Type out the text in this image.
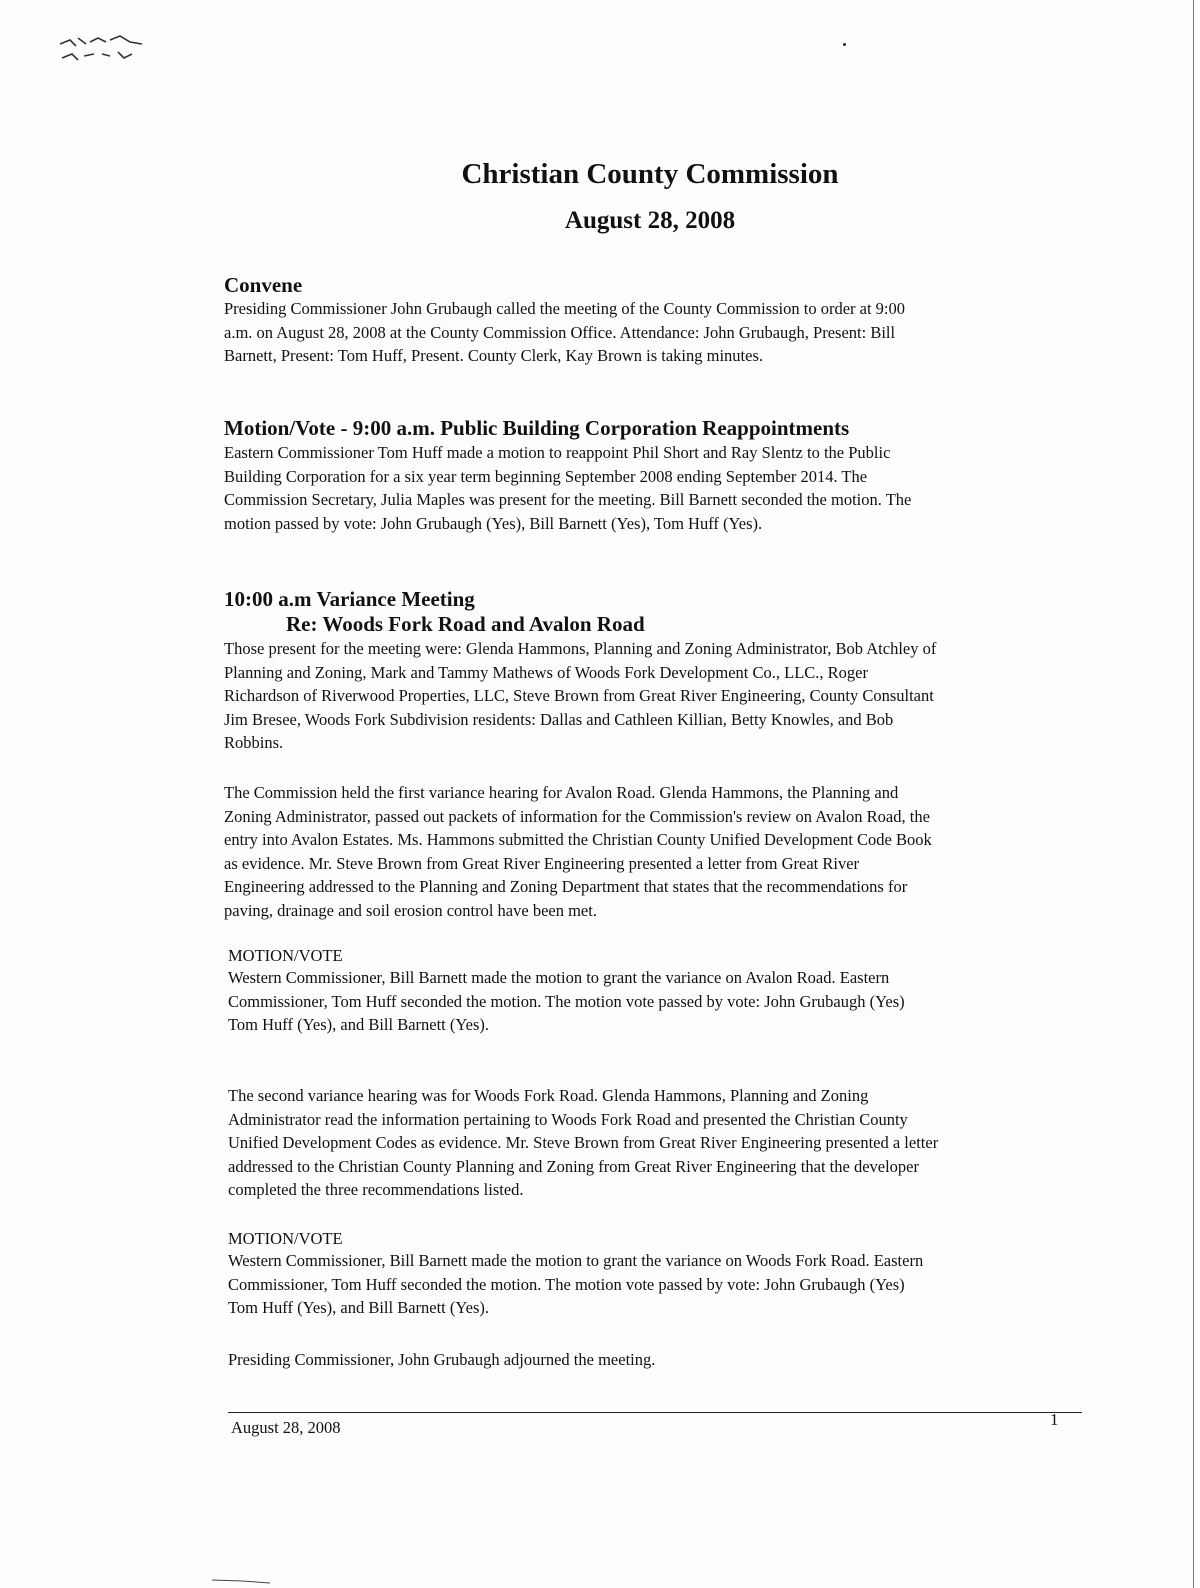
Christian County Commission
August 28, 2008
Convene
Presiding Commissioner John Grubaugh called the meeting of the County Commission to order at 9:00
a.m. on August 28, 2008 at the County Commission Office. Attendance: John Grubaugh, Present: Bill
Barnett, Present: Tom Huff, Present. County Clerk, Kay Brown is taking minutes.
Motion/Vote - 9:00 a.m. Public Building Corporation Reappointments
Eastern Commissioner Tom Huff made a motion to reappoint Phil Short and Ray Slentz to the Public
Building Corporation for a six year term beginning September 2008 ending September 2014. The
Commission Secretary, Julia Maples was present for the meeting. Bill Barnett seconded the motion. The
motion passed by vote: John Grubaugh (Yes), Bill Barnett (Yes), Tom Huff (Yes).
10:00 a.m Variance Meeting
Re: Woods Fork Road and Avalon Road
Those present for the meeting were: Glenda Hammons, Planning and Zoning Administrator, Bob Atchley of
Planning and Zoning, Mark and Tammy Mathews of Woods Fork Development Co., LLC., Roger
Richardson of Riverwood Properties, LLC, Steve Brown from Great River Engineering, County Consultant
Jim Bresee, Woods Fork Subdivision residents: Dallas and Cathleen Killian, Betty Knowles, and Bob
Robbins.
The Commission held the first variance hearing for Avalon Road. Glenda Hammons, the Planning and
Zoning Administrator, passed out packets of information for the Commission's review on Avalon Road, the
entry into Avalon Estates. Ms. Hammons submitted the Christian County Unified Development Code Book
as evidence. Mr. Steve Brown from Great River Engineering presented a letter from Great River
Engineering addressed to the Planning and Zoning Department that states that the recommendations for
paving, drainage and soil erosion control have been met.
MOTION/VOTE
Western Commissioner, Bill Barnett made the motion to grant the variance on Avalon Road. Eastern
Commissioner, Tom Huff seconded the motion. The motion vote passed by vote: John Grubaugh (Yes)
Tom Huff (Yes), and Bill Barnett (Yes).
The second variance hearing was for Woods Fork Road. Glenda Hammons, Planning and Zoning
Administrator read the information pertaining to Woods Fork Road and presented the Christian County
Unified Development Codes as evidence. Mr. Steve Brown from Great River Engineering presented a letter
addressed to the Christian County Planning and Zoning from Great River Engineering that the developer
completed the three recommendations listed.
MOTION/VOTE
Western Commissioner, Bill Barnett made the motion to grant the variance on Woods Fork Road. Eastern
Commissioner, Tom Huff seconded the motion. The motion vote passed by vote: John Grubaugh (Yes)
Tom Huff (Yes), and Bill Barnett (Yes).
Presiding Commissioner, John Grubaugh adjourned the meeting.
August 28, 2008	1
